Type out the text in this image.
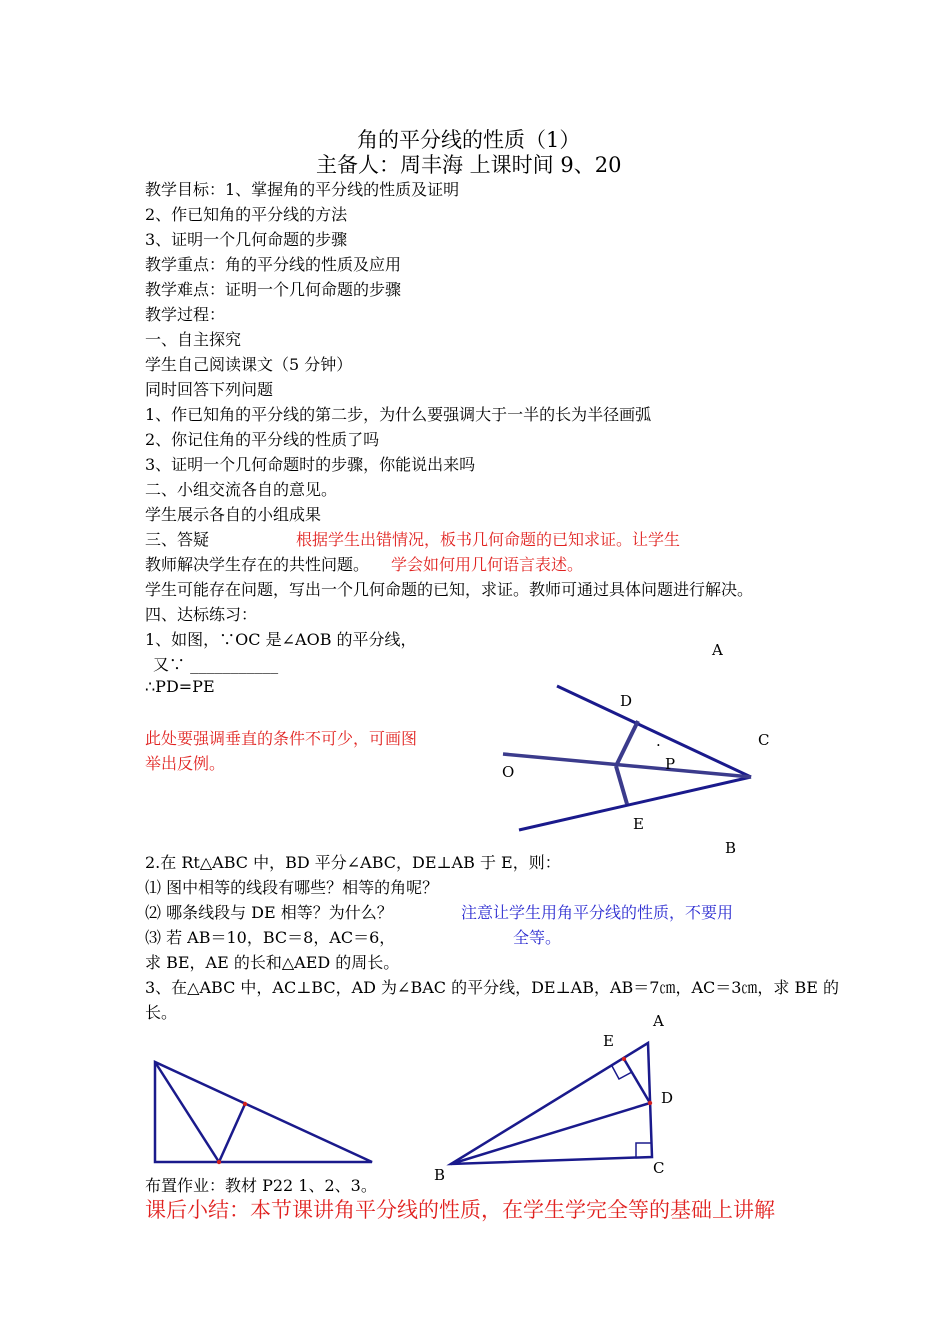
角的平分线的性质（1）
主备人：周丰海 上课时间 9、20
教学目标：1、掌握角的平分线的性质及证明
2、作已知角的平分线的方法
3、证明一个几何命题的步骤
教学重点：角的平分线的性质及应用
教学难点：证明一个几何命题的步骤
教学过程：
一、自主探究
学生自己阅读课文（5 分钟）
同时回答下列问题
1、作已知角的平分线的第二步，为什么要强调大于一半的长为半径画弧
2、你记住角的平分线的性质了吗
3、证明一个几何命题时的步骤，你能说出来吗
二、小组交流各自的意见。
学生展示各自的小组成果
三、答疑	根据学生出错情况，板书几何命题的已知求证。让学生
教师解决学生存在的共性问题。 学会如何用几何语言表述。
学生可能存在问题，写出一个几何命题的已知，求证。教师可通过具体问题进行解决。
四、达标练习：
1、如图，∵OC 是∠AOB 的平分线，
又∵ ___________
∴PD=PE
此处要强调垂直的条件不可少，可画图
举出反例。
2.在 Rt△ABC 中，BD 平分∠ABC，DE⊥AB 于 E，则：
⑴ 图中相等的线段有哪些？相等的角呢？
⑵ 哪条线段与 DE 相等？为什么？	注意让学生用角平分线的性质，不要用
⑶ 若 AB＝10，BC＝8，AC＝6，	全等。
求 BE，AE 的长和△AED 的周长。
3、在△ABC 中，AC⊥BC，AD 为∠BAC 的平分线，DE⊥AB，AB＝7㎝，AC＝3㎝，求 BE 的
长。
布置作业：教材 P22 1、2、3。
课后小结：本节课讲角平分线的性质，在学生学完全等的基础上讲解
A
D
.	C
P
O
E
B
A
E
D
B	C
